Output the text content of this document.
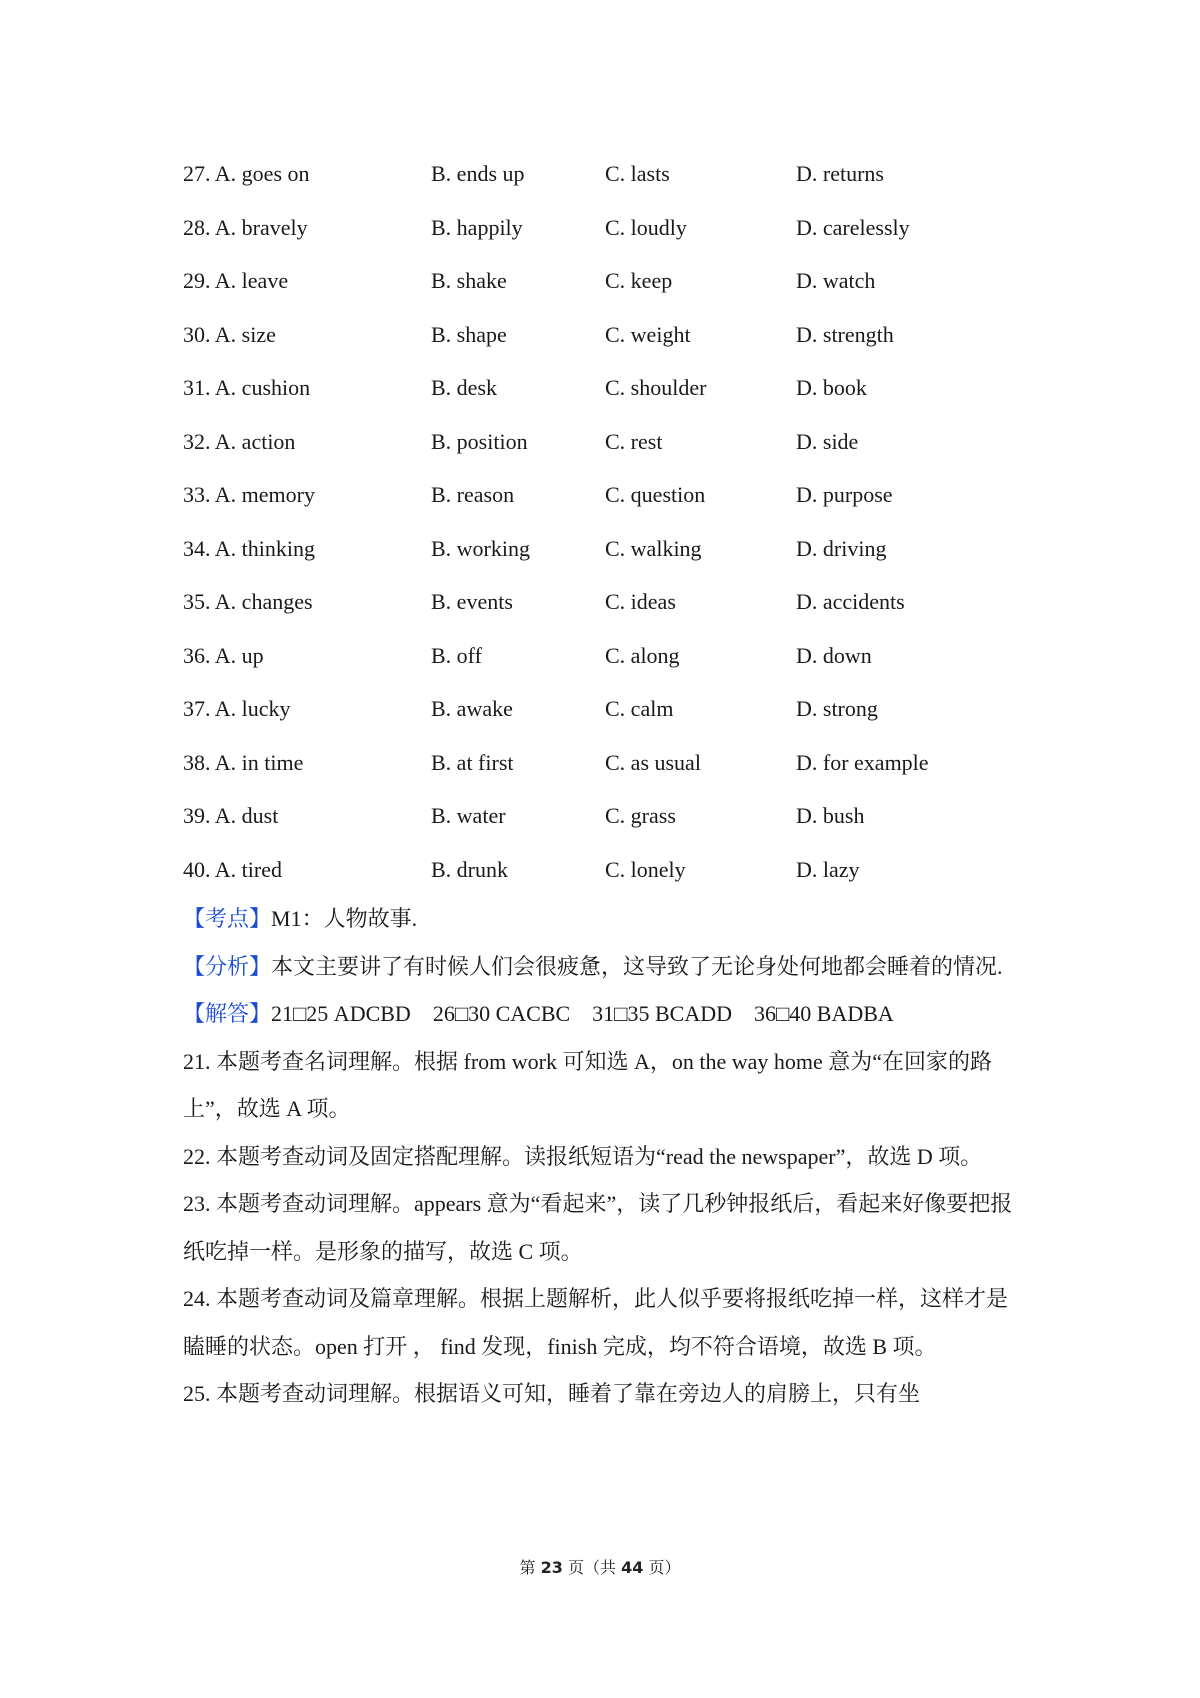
27. A. goes on	B. ends up	C. lasts	D. returns
28. A. bravely	B. happily	C. loudly	D. carelessly
29. A. leave	B. shake	C. keep	D. watch
30. A. size	B. shape	C. weight	D. strength
31. A. cushion	B. desk	C. shoulder	D. book
32. A. action	B. position	C. rest	D. side
33. A. memory	B. reason	C. question	D. purpose
34. A. thinking	B. working	C. walking	D. driving
35. A. changes	B. events	C. ideas	D. accidents
36. A. up	B. off	C. along	D. down
37. A. lucky	B. awake	C. calm	D. strong
38. A. in time	B. at first	C. as usual	D. for example
39. A. dust	B. water	C. grass	D. bush
40. A. tired	B. drunk	C. lonely	D. lazy

【考点】M1：人物故事.

【分析】本文主要讲了有时候人们会很疲惫，这导致了无论身处何地都会睡着的情况.

【解答】21□25 ADCBD    26□30 CACBC    31□35 BCADD    36□40 BADBA

21. 本题考查名词理解。根据 from work 可知选 A，on the way home 意为“在回家的路上”，故选 A 项。

22. 本题考查动词及固定搭配理解。读报纸短语为“read the newspaper”，故选 D 项。

23. 本题考查动词理解。appears 意为“看起来”，读了几秒钟报纸后，看起来好像要把报纸吃掉一样。是形象的描写，故选 C 项。

24. 本题考查动词及篇章理解。根据上题解析，此人似乎要将报纸吃掉一样，这样才是瞌睡的状态。open 打开 ， find 发现，finish 完成，均不符合语境，故选 B 项。

25. 本题考查动词理解。根据语义可知，睡着了靠在旁边人的肩膀上，只有坐

第 23 页（共 44 页）
